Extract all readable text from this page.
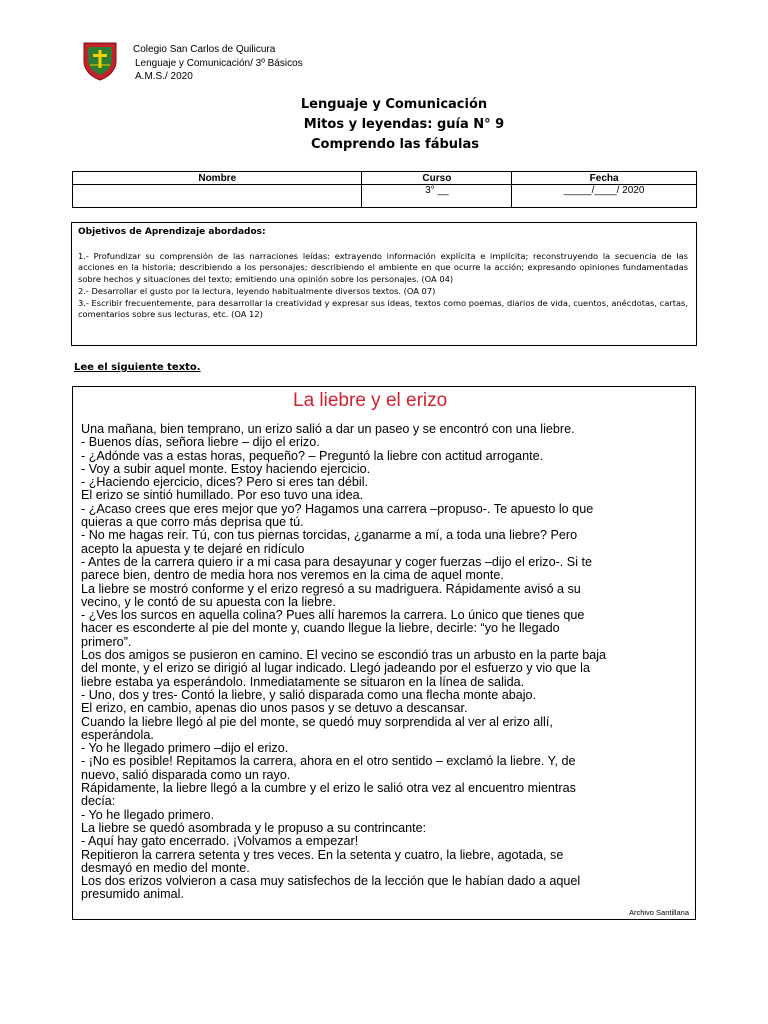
Colegio San Carlos de Quilicura
Lenguaje y Comunicación/ 3º Básicos
A.M.S./ 2020
Lenguaje y Comunicación
Mitos y leyendas: guía N° 9
Comprendo las fábulas
Nombre	Curso	Fecha
	3° __	_____/____/ 2020
Objetivos de Aprendizaje abordados:

1.- Profundizar su comprensión de las narraciones leídas: extrayendo información explícita e implícita; reconstruyendo la secuencia de las acciones en la historia; describiendo a los personajes; describiendo el ambiente en que ocurre la acción; expresando opiniones fundamentadas sobre hechos y situaciones del texto; emitiendo una opinión sobre los personajes. (OA 04)

2.- Desarrollar el gusto por la lectura, leyendo habitualmente diversos textos. (OA 07)

3.- Escribir frecuentemente, para desarrollar la creatividad y expresar sus ideas, textos como poemas, diarios de vida, cuentos, anécdotas, cartas, comentarios sobre sus lecturas, etc. (OA 12)

Lee el siguiente texto.
La liebre y el erizo
Una mañana, bien temprano, un erizo salió a dar un paseo y se encontró con una liebre.
- Buenos días, señora liebre – dijo el erizo.
- ¿Adónde vas a estas horas, pequeño? – Preguntó la liebre con actitud arrogante.
- Voy a subir aquel monte. Estoy haciendo ejercicio.
- ¿Haciendo ejercicio, dices? Pero si eres tan débil.
El erizo se sintió humillado. Por eso tuvo una idea.
- ¿Acaso crees que eres mejor que yo? Hagamos una carrera –propuso-. Te apuesto lo que
quieras a que corro más deprisa que tú.
- No me hagas reír. Tú, con tus piernas torcidas, ¿ganarme a mí, a toda una liebre? Pero
acepto la apuesta y te dejaré en ridículo
- Antes de la carrera quiero ir a mi casa para desayunar y coger fuerzas –dijo el erizo-. Si te
parece bien, dentro de media hora nos veremos en la cima de aquel monte.
La liebre se mostró conforme y el erizo regresó a su madriguera. Rápidamente avisó a su
vecino, y le contó de su apuesta con la liebre.
- ¿Ves los surcos en aquella colina? Pues allí haremos la carrera. Lo único que tienes que
hacer es esconderte al pie del monte y, cuando llegue la liebre, decirle: “yo he llegado
primero”.
Los dos amigos se pusieron en camino. El vecino se escondió tras un arbusto en la parte baja
del monte, y el erizo se dirigió al lugar indicado. Llegó jadeando por el esfuerzo y vio que la
liebre estaba ya esperándolo. Inmediatamente se situaron en la línea de salida.
- Uno, dos y tres- Contó la liebre, y salió disparada como una flecha monte abajo.
El erizo, en cambio, apenas dio unos pasos y se detuvo a descansar.
Cuando la liebre llegó al pie del monte, se quedó muy sorprendida al ver al erizo allí,
esperándola.
- Yo he llegado primero –dijo el erizo.
- ¡No es posible! Repitamos la carrera, ahora en el otro sentido – exclamó la liebre. Y, de
nuevo, salió disparada como un rayo.
Rápidamente, la liebre llegó a la cumbre y el erizo le salió otra vez al encuentro mientras
decía:
- Yo he llegado primero.
La liebre se quedó asombrada y le propuso a su contrincante:
- Aquí hay gato encerrado. ¡Volvamos a empezar!
Repitieron la carrera setenta y tres veces. En la setenta y cuatro, la liebre, agotada, se
desmayó en medio del monte.
Los dos erizos volvieron a casa muy satisfechos de la lección que le habían dado a aquel
presumido animal.
Archivo Santillana
